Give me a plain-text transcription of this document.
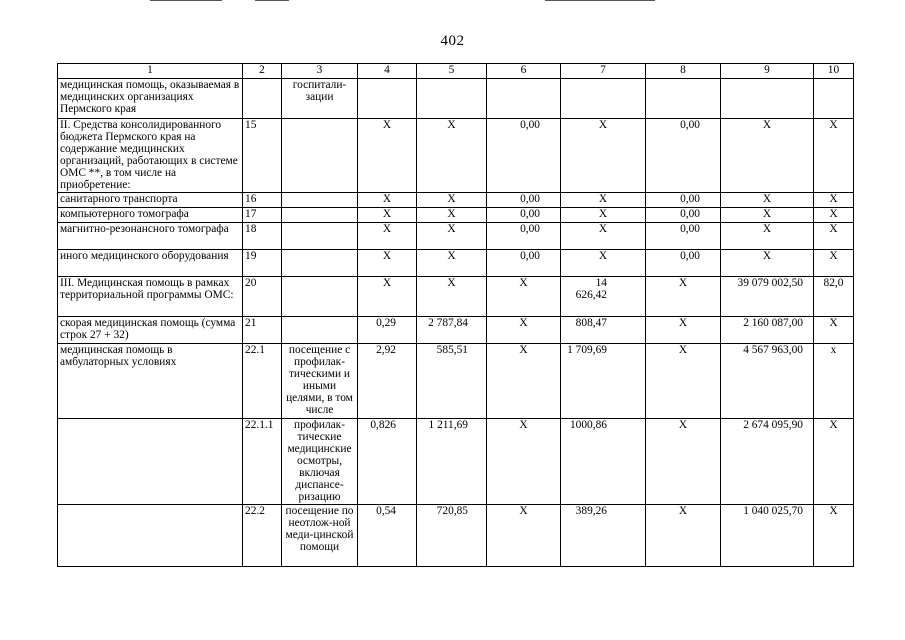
402
1	2	3	4	5	6	7	8	9	10
медицинская помощь, оказываемая в медицинских организациях Пермского края		госпитали-зации							
II. Средства консолидированного бюджета Пермского края на содержание медицинских организаций, работающих в системе ОМС **, в том числе на приобретение:	15		X	X	0,00	X	0,00	X	X
санитарного транспорта	16		X	X	0,00	X	0,00	X	X
компьютерного томографа	17		X	X	0,00	X	0,00	X	X
магнитно-резонансного томографа	18		X	X	0,00	X	0,00	X	X
иного медицинского оборудования	19		X	X	0,00	X	0,00	X	X
III. Медицинская помощь в рамках территориальной программы ОМС:	20		X	X	X	14 626,42	X	39 079 002,50	82,0
скорая медицинская помощь (сумма строк 27 + 32)	21		0,29	2 787,84	X	808,47	X	2 160 087,00	X
медицинская помощь в амбулаторных условиях	22.1	посещение с профилак-тическими и иными целями, в том числе	2,92	585,51	X	1 709,69	X	4 567 963,00	x
	22.1.1	профилак-тические медицинские осмотры, включая диспансе-ризацию	0,826	1 211,69	X	1000,86	X	2 674 095,90	X
	22.2	посещение по неотлож-ной меди-цинской помощи	0,54	720,85	X	389,26	X	1 040 025,70	X
